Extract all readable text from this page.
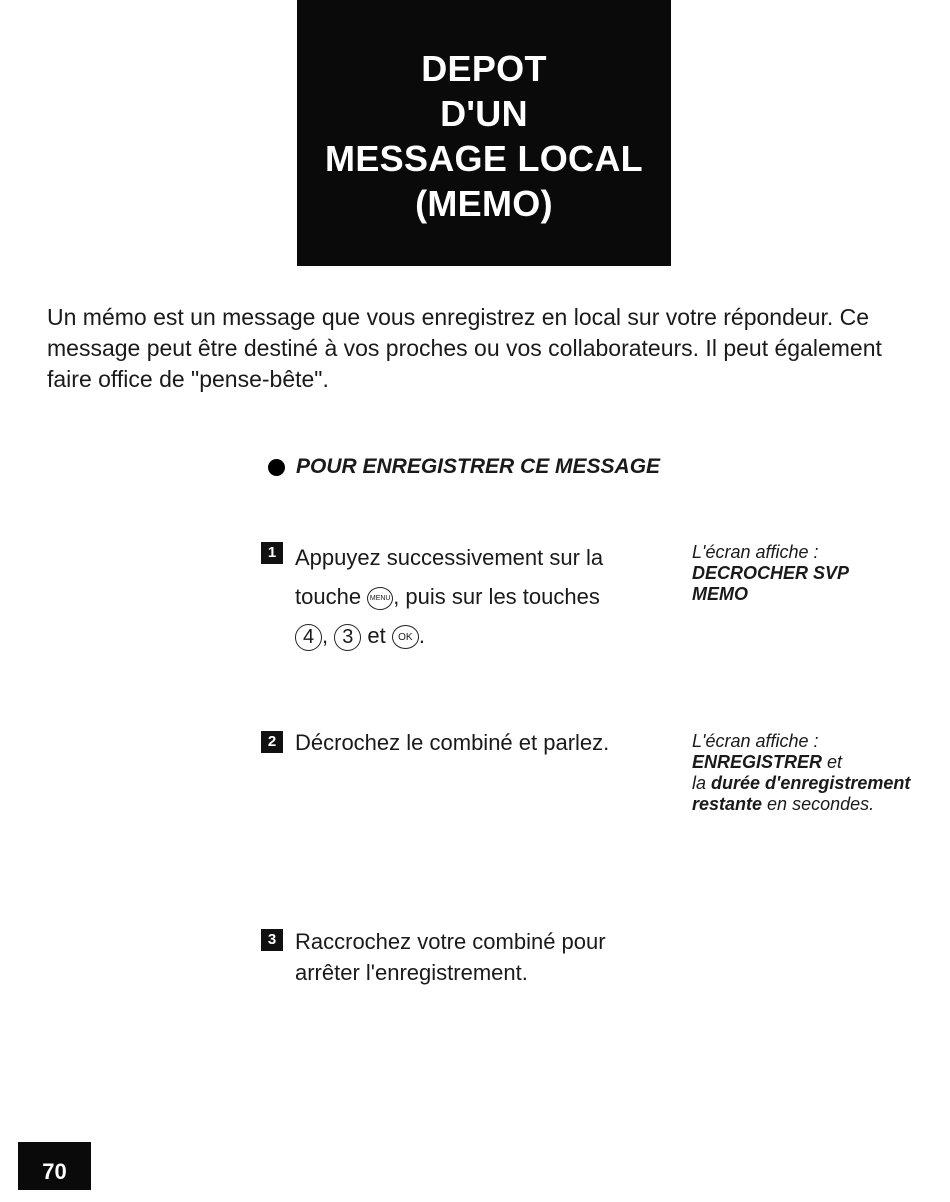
DEPOT
D'UN
MESSAGE LOCAL
(MEMO)

Un mémo est un message que vous enregistrez en local sur votre répondeur. Ce message peut être destiné à vos proches ou vos collaborateurs. Il peut également faire office de "pense-bête".

POUR ENREGISTRER CE MESSAGE
1 Appuyez successivement sur la touche MENU , puis sur les touches
4 , 3 et OK .
L'écran affiche :
DECROCHER SVP
MEMO
2 Décrochez le combiné et parlez.	L'écran affiche :
ENREGISTRER et
la durée d'enregistrement restante en secondes.
3 Raccrochez votre combiné pour arrêter l'enregistrement.
70
